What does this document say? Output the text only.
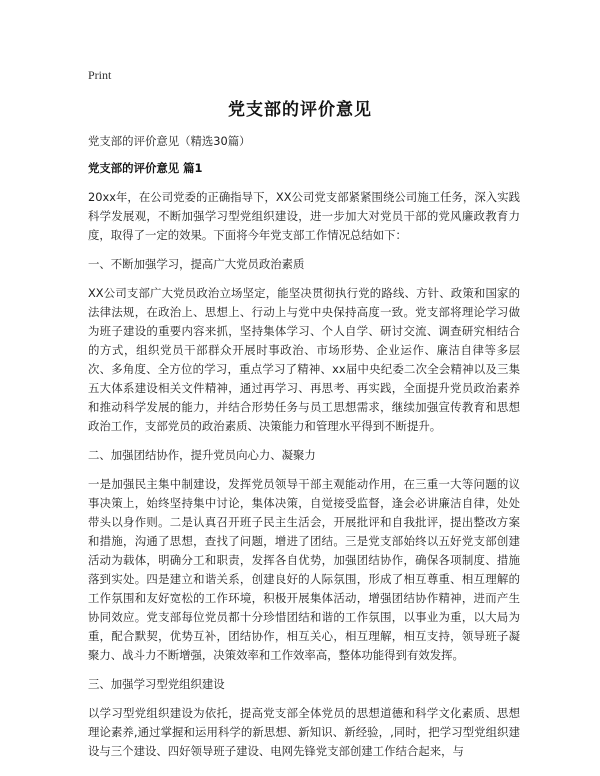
Print
党支部的评价意见

党支部的评价意见（精选30篇）

党支部的评价意见 篇1

20xx年，在公司党委的正确指导下，XX公司党支部紧紧围绕公司施工任务，深入实践科学发展观，不断加强学习型党组织建设，进一步加大对党员干部的党风廉政教育力度，取得了一定的效果。下面将今年党支部工作情况总结如下：

一、不断加强学习，提高广大党员政治素质

XX公司支部广大党员政治立场坚定，能坚决贯彻执行党的路线、方针、政策和国家的法律法规，在政治上、思想上、行动上与党中央保持高度一致。党支部将理论学习做为班子建设的重要内容来抓，坚持集体学习、个人自学、研讨交流、调查研究相结合的方式，组织党员干部群众开展时事政治、市场形势、企业运作、廉洁自律等多层次、多角度、全方位的学习，重点学习了精神、xx届中央纪委二次全会精神以及三集五大体系建设相关文件精神，通过再学习、再思考、再实践，全面提升党员政治素养和推动科学发展的能力，并结合形势任务与员工思想需求，继续加强宣传教育和思想政治工作，支部党员的政治素质、决策能力和管理水平得到不断提升。

二、加强团结协作，提升党员向心力、凝聚力

一是加强民主集中制建设，发挥党员领导干部主观能动作用，在三重一大等问题的议事决策上，始终坚持集中讨论，集体决策，自觉接受监督，逢会必讲廉洁自律，处处带头以身作则。二是认真召开班子民主生活会，开展批评和自我批评，提出整改方案和措施，沟通了思想，查找了问题，增进了团结。三是党支部始终以五好党支部创建活动为载体，明确分工和职责，发挥各自优势，加强团结协作，确保各项制度、措施落到实处。四是建立和谐关系，创建良好的人际氛围，形成了相互尊重、相互理解的工作氛围和友好宽松的工作环境，积极开展集体活动，增强团结协作精神，进而产生协同效应。党支部每位党员都十分珍惜团结和谐的工作氛围，以事业为重，以大局为重，配合默契，优势互补，团结协作，相互关心，相互理解，相互支持，领导班子凝聚力、战斗力不断增强，决策效率和工作效率高，整体功能得到有效发挥。

三、加强学习型党组织建设

以学习型党组织建设为依托，提高党支部全体党员的思想道德和科学文化素质、思想理论素养,通过掌握和运用科学的新思想、新知识、新经验，,同时，把学习型党组织建设与三个建设、四好领导班子建设、电网先锋党支部创建工作结合起来，与
